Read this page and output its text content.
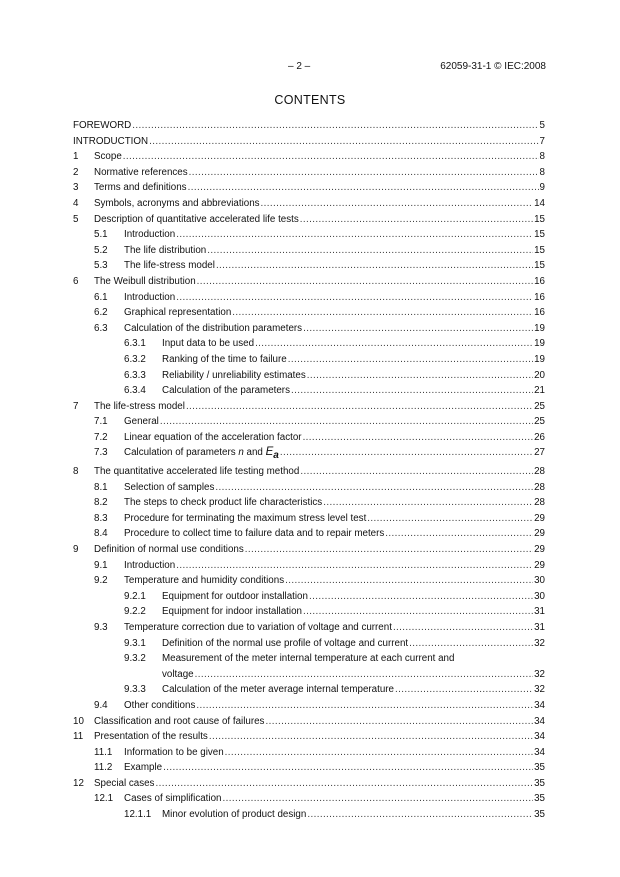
– 2 –	62059-31-1 © IEC:2008
CONTENTS
FOREWORD .....	5
INTRODUCTION .....	7
1	Scope .....	8
2	Normative references .....	8
3	Terms and definitions .....	9
4	Symbols, acronyms and abbreviations .....	14
5	Description of quantitative accelerated life tests .....	15
5.1	Introduction .....	15
5.2	The life distribution .....	15
5.3	The life-stress model .....	15
6	The Weibull distribution .....	16
6.1	Introduction .....	16
6.2	Graphical representation .....	16
6.3	Calculation of the distribution parameters .....	19
6.3.1	Input data to be used .....	19
6.3.2	Ranking of the time to failure .....	19
6.3.3	Reliability / unreliability estimates .....	20
6.3.4	Calculation of the parameters .....	21
7	The life-stress model .....	25
7.1	General .....	25
7.2	Linear equation of the acceleration factor .....	26
7.3	Calculation of parameters n and $E_a$ .....	27
8	The quantitative accelerated life testing method .....	28
8.1	Selection of samples .....	28
8.2	The steps to check product life characteristics .....	28
8.3	Procedure for terminating the maximum stress level test .....	29
8.4	Procedure to collect time to failure data and to repair meters .....	29
9	Definition of normal use conditions .....	29
9.1	Introduction .....	29
9.2	Temperature and humidity conditions .....	30
9.2.1	Equipment for outdoor installation .....	30
9.2.2	Equipment for indoor installation .....	31
9.3	Temperature correction due to variation of voltage and current .....	31
9.3.1	Definition of the normal use profile of voltage and current .....	32
9.3.2 Measurement of the meter internal temperature at each current and
voltage .....	32
9.3.3	Calculation of the meter average internal temperature .....	32
9.4	Other conditions .....	34
10	Classification and root cause of failures .....	34
11	Presentation of the results .....	34
11.1	Information to be given .....	34
11.2	Example .....	35
12	Special cases .....	35
12.1	Cases of simplification .....	35
12.1.1	Minor evolution of product design .....	35
